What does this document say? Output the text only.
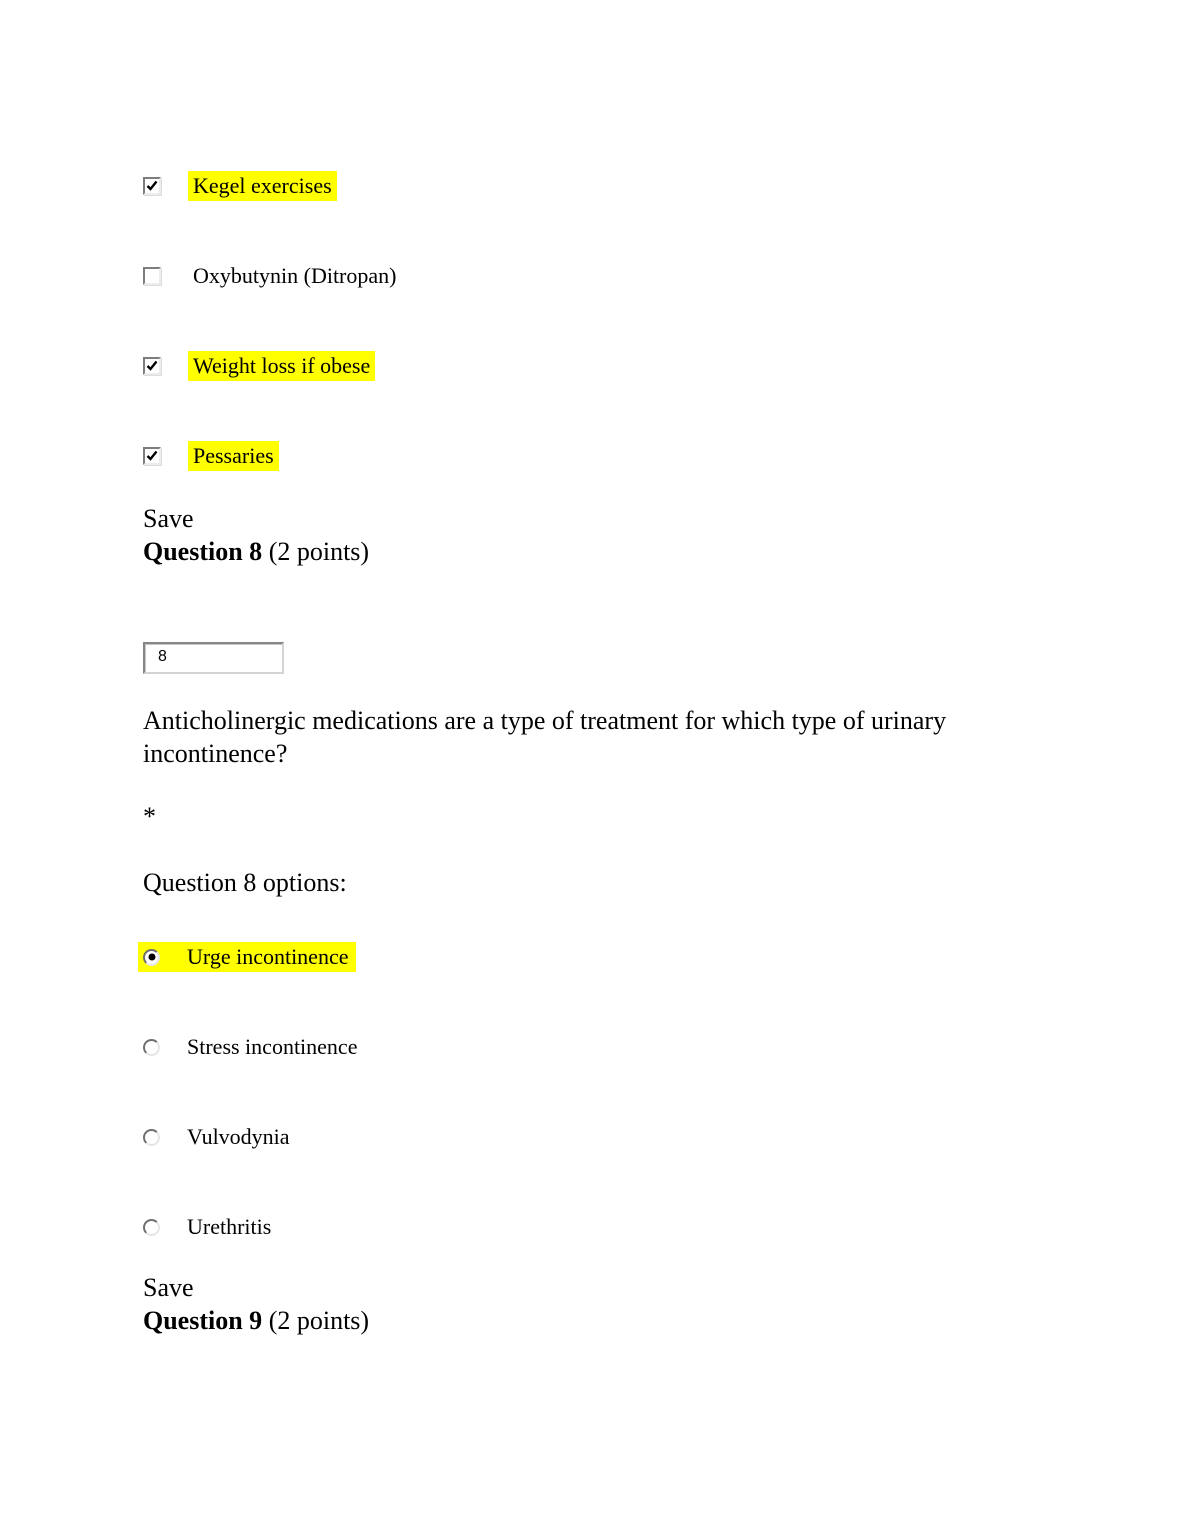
Kegel exercises
Oxybutynin (Ditropan)
Weight loss if obese
Pessaries
Save
Question 8 (2 points)
8
Anticholinergic medications are a type of treatment for which type of urinary incontinence?
*
Question 8 options:
Urge incontinence
Stress incontinence
Vulvodynia
Urethritis
Save
Question 9 (2 points)
